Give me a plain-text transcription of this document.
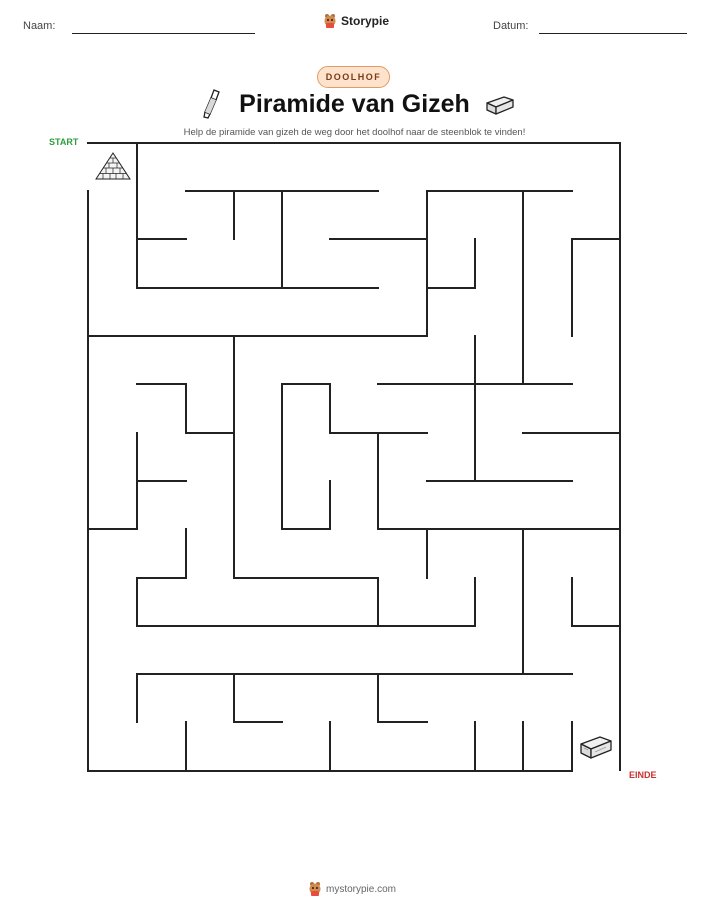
Naam:	Storypie	Datum:
DOOLHOF
Piramide van Gizeh
Help de piramide van gizeh de weg door het doolhof naar de steenblok te vinden!
START
EINDE
mystorypie.com
